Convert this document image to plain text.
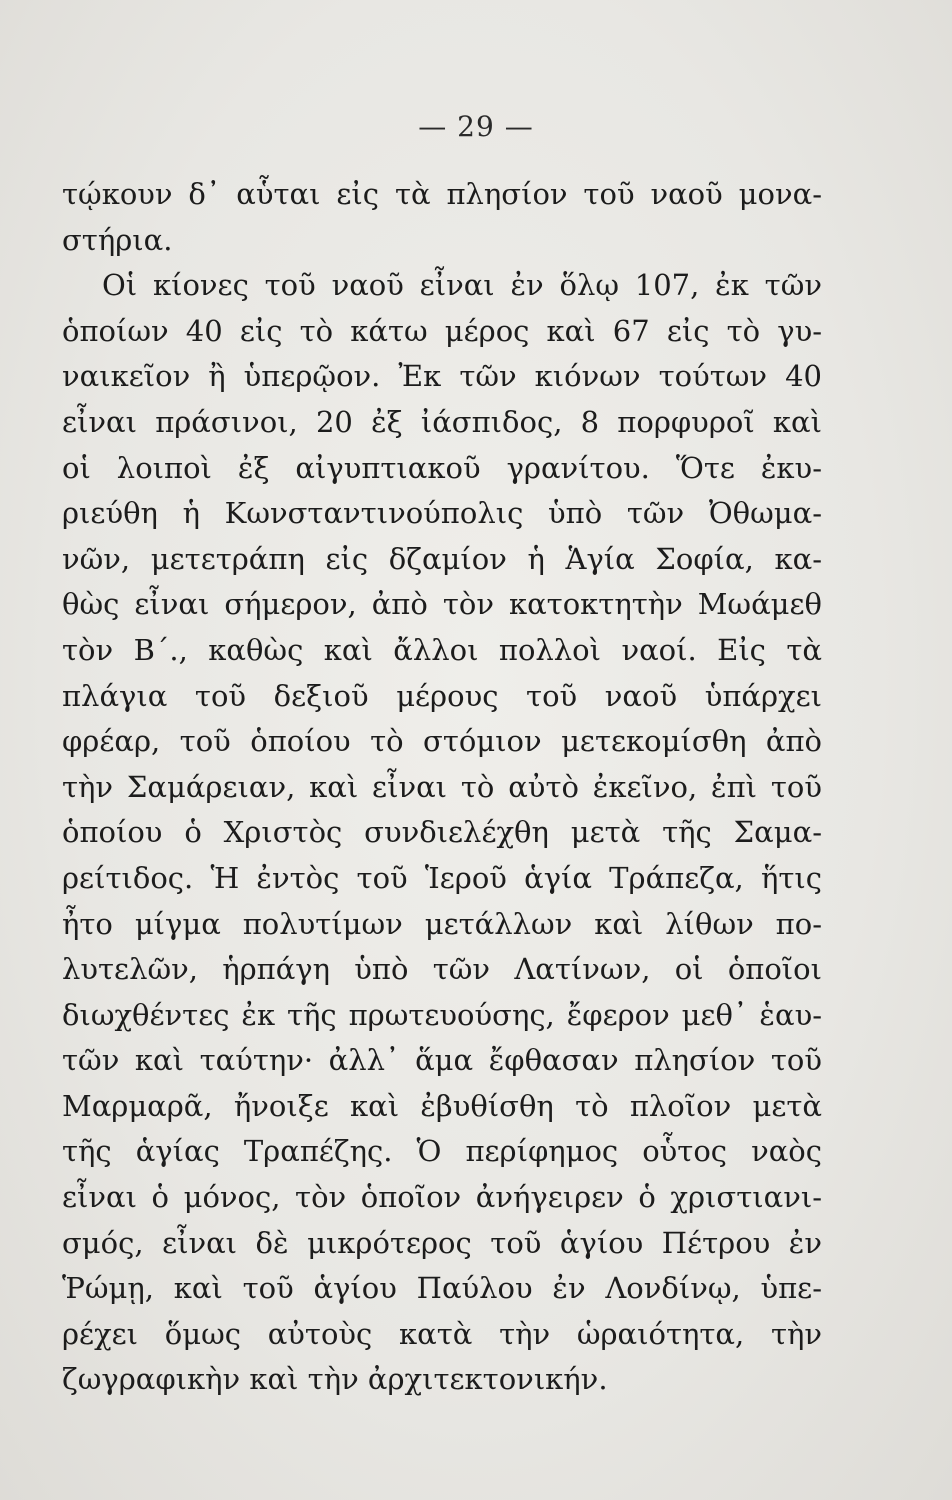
— 29 —
τῴκουν δ᾽ αὗται εἰς τὰ πλησίον τοῦ ναοῦ μονα-
στήρια.
Οἱ κίονες τοῦ ναοῦ εἶναι ἐν ὅλῳ 107, ἐκ τῶν
ὁποίων 40 εἰς τὸ κάτω μέρος καὶ 67 εἰς τὸ γυ-
ναικεῖον ἢ ὑπερῷον. Ἐκ τῶν κιόνων τούτων 40
εἶναι πράσινοι, 20 ἐξ ἰάσπιδος, 8 πορφυροῖ καὶ
οἱ λοιποὶ ἐξ αἰγυπτιακοῦ γρανίτου. Ὅτε ἐκυ-
ριεύθη ἡ Κωνσταντινούπολις ὑπὸ τῶν Ὀθωμα-
νῶν, μετετράπη εἰς δζαμίον ἡ Ἁγία Σοφία, κα-
θὼς εἶναι σήμερον, ἀπὸ τὸν κατοκτητὴν Μωάμεθ
τὸν Β΄., καθὼς καὶ ἄλλοι πολλοὶ ναοί. Εἰς τὰ
πλάγια τοῦ δεξιοῦ μέρους τοῦ ναοῦ ὑπάρχει
φρέαρ, τοῦ ὁποίου τὸ στόμιον μετεκομίσθη ἀπὸ
τὴν Σαμάρειαν, καὶ εἶναι τὸ αὐτὸ ἐκεῖνο, ἐπὶ τοῦ
ὁποίου ὁ Χριστὸς συνδιελέχθη μετὰ τῆς Σαμα-
ρείτιδος. Ἡ ἐντὸς τοῦ Ἱεροῦ ἁγία Τράπεζα, ἥτις
ἦτο μίγμα πολυτίμων μετάλλων καὶ λίθων πο-
λυτελῶν, ἡρπάγη ὑπὸ τῶν Λατίνων, οἱ ὁποῖοι
διωχθέντες ἐκ τῆς πρωτευούσης, ἔφερον μεθ᾽ ἑαυ-
τῶν καὶ ταύτην· ἀλλ᾽ ἅμα ἔφθασαν πλησίον τοῦ
Μαρμαρᾶ, ἤνοιξε καὶ ἐβυθίσθη τὸ πλοῖον μετὰ
τῆς ἁγίας Τραπέζης. Ὁ περίφημος οὗτος ναὸς
εἶναι ὁ μόνος, τὸν ὁποῖον ἀνήγειρεν ὁ χριστιανι-
σμός, εἶναι δὲ μικρότερος τοῦ ἁγίου Πέτρου ἐν
Ῥώμῃ, καὶ τοῦ ἁγίου Παύλου ἐν Λονδίνῳ, ὑπε-
ρέχει ὅμως αὐτοὺς κατὰ τὴν ὡραιότητα, τὴν
ζωγραφικὴν καὶ τὴν ἀρχιτεκτονικήν.
